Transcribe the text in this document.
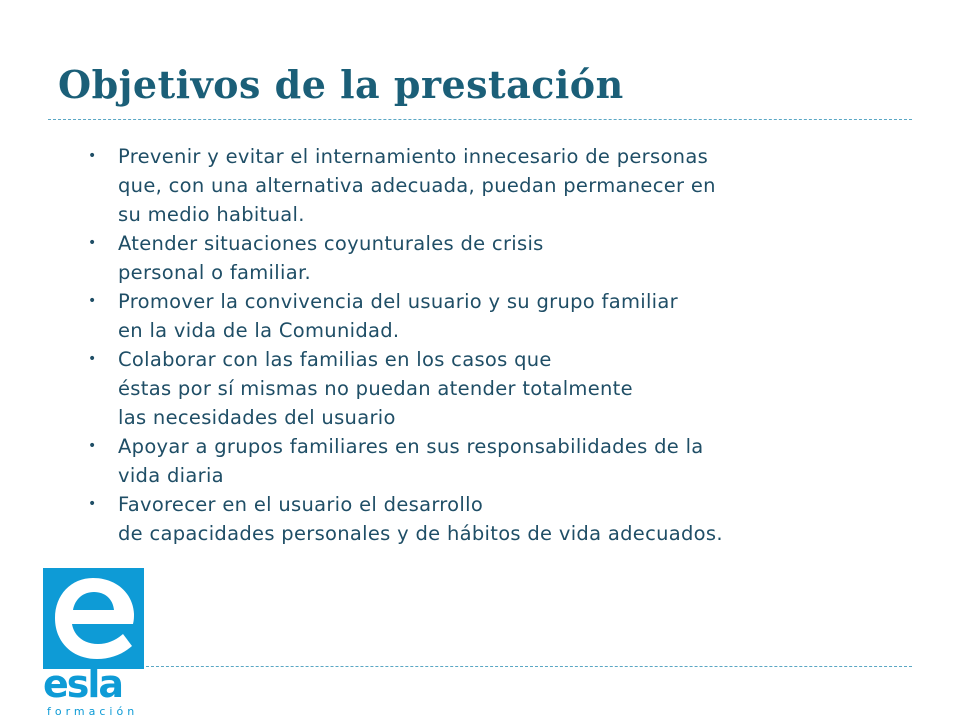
Objetivos de la prestación
• Prevenir y evitar el internamiento innecesario de personas
que, con una alternativa adecuada, puedan permanecer en
su medio habitual.
• Atender situaciones coyunturales de crisis
personal o familiar.
• Promover la convivencia del usuario y su grupo familiar
en la vida de la Comunidad.
• Colaborar con las familias en los casos que
éstas por sí mismas no puedan atender totalmente
las necesidades del usuario
• Apoyar a grupos familiares en sus responsabilidades de la
vida diaria
• Favorecer en el usuario el desarrollo
de capacidades personales y de hábitos de vida adecuados.
esla
formación
